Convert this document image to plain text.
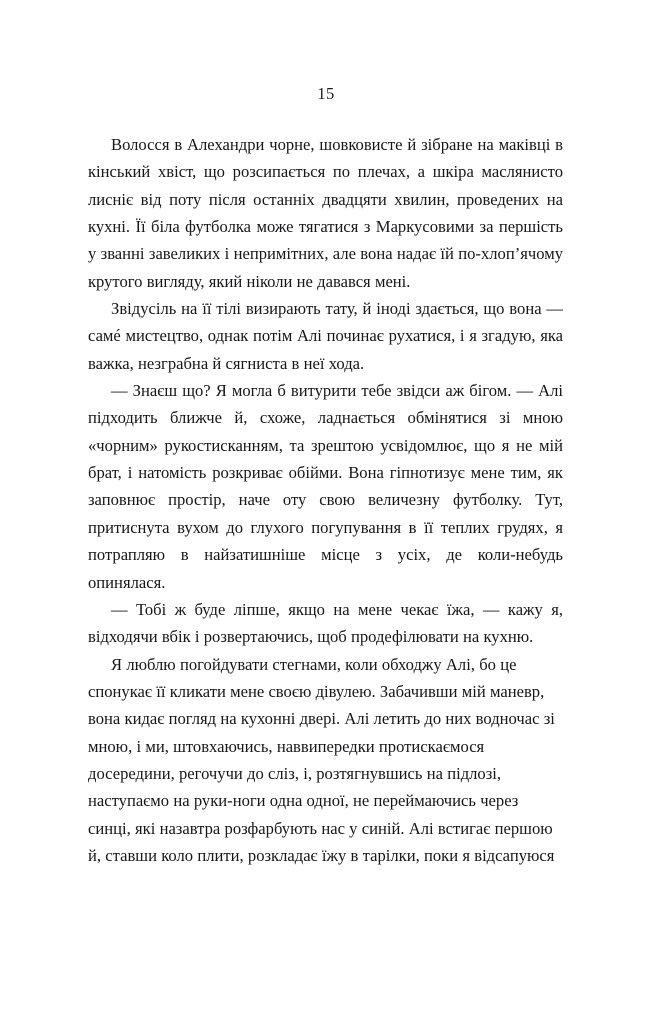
15

Волосся в Алехандри чорне, шовковисте й зібране на маківці в кінський хвіст, що розсипається по плечах, а шкіра маслянисто лисніє від поту після останніх двадцяти хвилин, проведених на кухні. Її біла футболка може тягатися з Маркусовими за першість у званні завеликих і непримітних, але вона надає їй по-хлоп’ячому крутого вигляду, який ніколи не давався мені.

Звідусіль на її тілі визирають тату, й іноді здається, що вона — самé мистецтво, однак потім Алі починає рухатися, і я згадую, яка важка, незграбна й сягниста в неї хода.

— Знаєш що? Я могла б витурити тебе звідси аж бігом. — Алі підходить ближче й, схоже, ладнається обмінятися зі мною «чорним» рукостисканням, та зрештою усвідомлює, що я не мій брат, і натомість розкриває обійми. Вона гіпнотизує мене тим, як заповнює простір, наче оту свою величезну футболку. Тут, притиснута вухом до глухого погупування в її теплих грудях, я потрапляю в найзатишніше місце з усіх, де коли-небудь опинялася.

— Тобі ж буде ліпше, якщо на мене чекає їжа, — кажу я, відходячи вбік і розвертаючись, щоб продефілювати на кухню.

Я люблю погойдувати стегнами, коли обходжу Алі, бо це спонукає її кликати мене своєю дівулею. Забачивши мій маневр, вона кидає погляд на кухонні двері. Алі летить до них водночас зі мною, і ми, штовхаючись, наввипередки протискаємося досередини, регочучи до сліз, і, розтягнувшись на підлозі, наступаємо на руки-ноги одна одної, не переймаючись через синці, які назавтра розфарбують нас у синій. Алі встигає першою й, ставши коло плити, розкладає їжу в тарілки, поки я відсапуюся
